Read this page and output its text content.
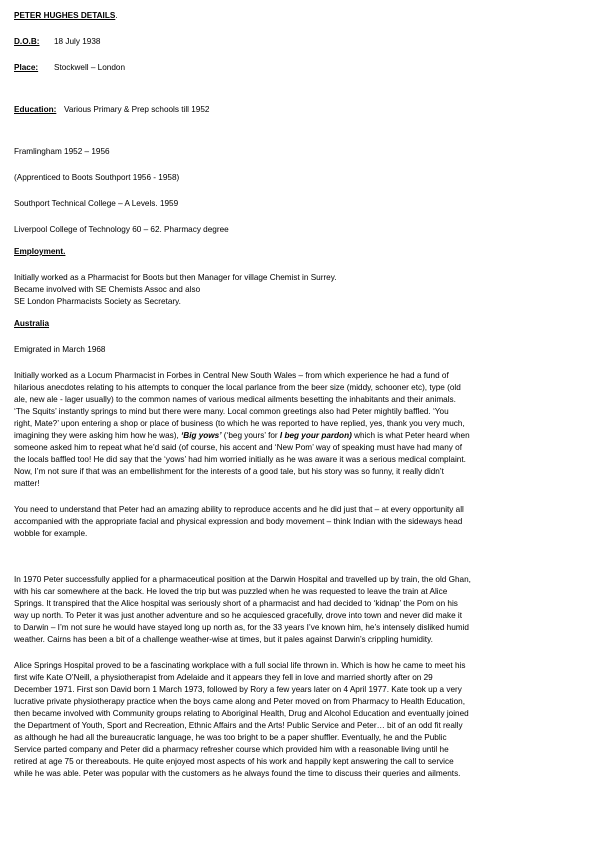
PETER HUGHES DETAILS.
D.O.B:	18 July 1938
Place:	Stockwell – London
Education: Various Primary & Prep schools till 1952
Framlingham 1952 – 1956
(Apprenticed to Boots Southport 1956 - 1958)
Southport Technical College – A Levels. 1959
Liverpool College of Technology 60 – 62. Pharmacy degree
Employment.

Initially worked as a Pharmacist for Boots but then Manager for village Chemist in Surrey.

Became involved with SE Chemists Assoc and also

SE London Pharmacists Society as Secretary.

Australia
Emigrated in March 1968

Initially worked as a Locum Pharmacist in Forbes in Central New South Wales – from which experience he had a fund of

hilarious anecdotes relating to his attempts to conquer the local parlance from the beer size (middy, schooner etc), type (old

ale, new ale - lager usually) to the common names of various medical ailments besetting the inhabitants and their animals.

‘The Squits’ instantly springs to mind but there were many. Local common greetings also had Peter mightily baffled. ‘You

right, Mate?’ upon entering a shop or place of business (to which he was reported to have replied, yes, thank you very much,

imagining they were asking him how he was), ‘Big yows’ (‘beg yours’ for I beg your pardon) which is what Peter heard when

someone asked him to repeat what he’d said (of course, his accent and ‘New Pom’ way of speaking must have had many of

the locals baffled too! He did say that the ‘yows’ had him worried initially as he was aware it was a serious medical complaint.

Now, I’m not sure if that was an embellishment for the interests of a good tale, but his story was so funny, it really didn’t

matter!

You need to understand that Peter had an amazing ability to reproduce accents and he did just that – at every opportunity all

accompanied with the appropriate facial and physical expression and body movement – think Indian with the sideways head

wobble for example.

In 1970 Peter successfully applied for a pharmaceutical position at the Darwin Hospital and travelled up by train, the old Ghan,

with his car somewhere at the back. He loved the trip but was puzzled when he was requested to leave the train at Alice

Springs. It transpired that the Alice hospital was seriously short of a pharmacist and had decided to ‘kidnap’ the Pom on his

way up north. To Peter it was just another adventure and so he acquiesced gracefully, drove into town and never did make it

to Darwin – I’m not sure he would have stayed long up north as, for the 33 years I’ve known him, he’s intensely disliked humid

weather. Cairns has been a bit of a challenge weather-wise at times, but it pales against Darwin’s crippling humidity.

Alice Springs Hospital proved to be a fascinating workplace with a full social life thrown in. Which is how he came to meet his

first wife Kate O’Neill, a physiotherapist from Adelaide and it appears they fell in love and married shortly after on 29

December 1971. First son David born 1 March 1973, followed by Rory a few years later on 4 April 1977. Kate took up a very

lucrative private physiotherapy practice when the boys came along and Peter moved on from Pharmacy to Health Education,

then became involved with Community groups relating to Aboriginal Health, Drug and Alcohol Education and eventually joined

the Department of Youth, Sport and Recreation, Ethnic Affairs and the Arts! Public Service and Peter… bit of an odd fit really

as although he had all the bureaucratic language, he was too bright to be a paper shuffler. Eventually, he and the Public

Service parted company and Peter did a pharmacy refresher course which provided him with a reasonable living until he

retired at age 75 or thereabouts. He quite enjoyed most aspects of his work and happily kept answering the call to service

while he was able. Peter was popular with the customers as he always found the time to discuss their queries and ailments.
